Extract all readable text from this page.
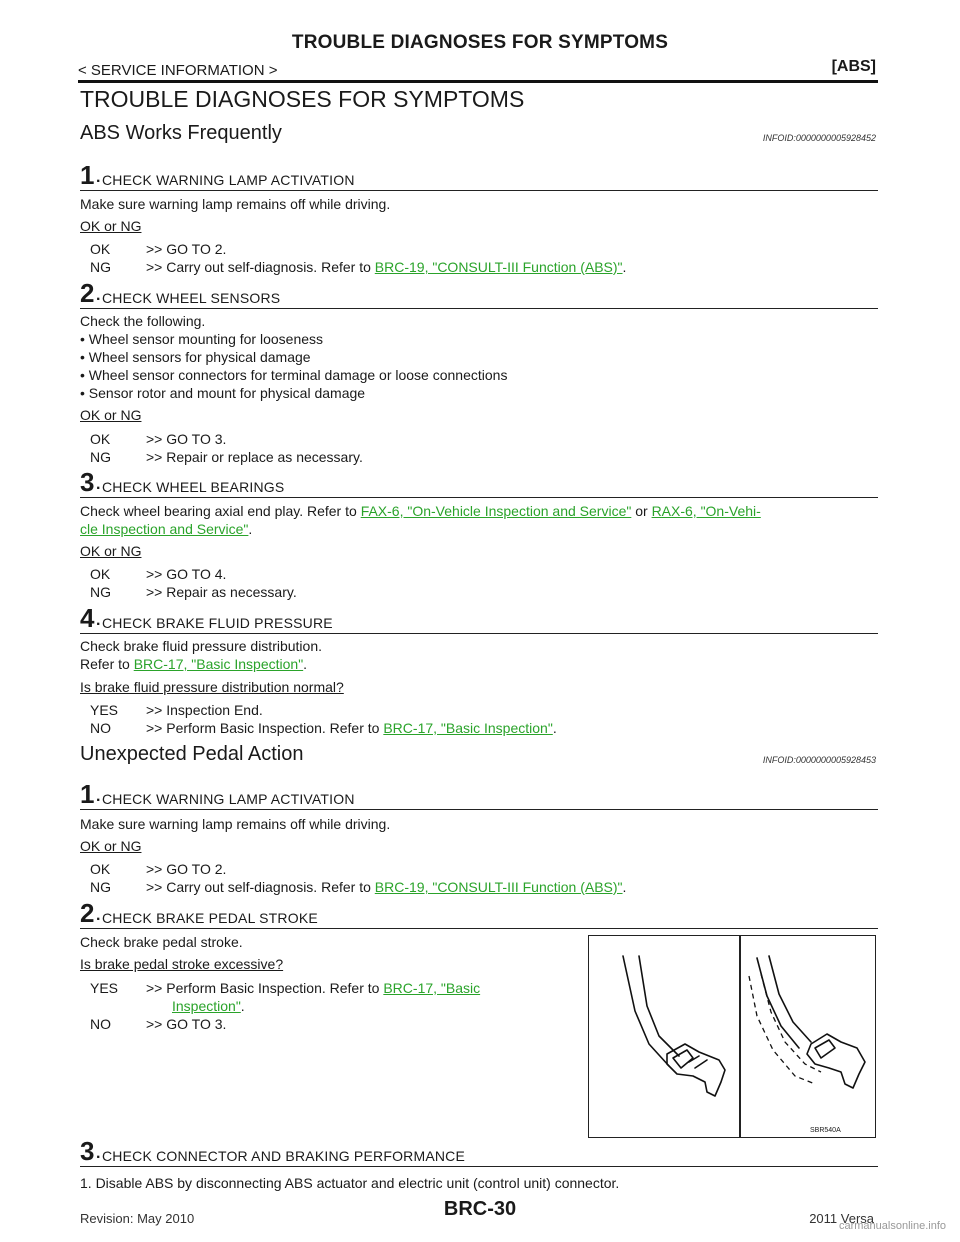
TROUBLE DIAGNOSES FOR SYMPTOMS
< SERVICE INFORMATION >	[ABS]
TROUBLE DIAGNOSES FOR SYMPTOMS
ABS Works Frequently	INFOID:0000000005928452
1 . CHECK WARNING LAMP ACTIVATION
Make sure warning lamp remains off while driving.
OK or NG
OK	>> GO TO 2.
NG	>> Carry out self-diagnosis. Refer to BRC-19, "CONSULT-III Function (ABS)".
2 . CHECK WHEEL SENSORS
Check the following.
• Wheel sensor mounting for looseness
• Wheel sensors for physical damage
• Wheel sensor connectors for terminal damage or loose connections
• Sensor rotor and mount for physical damage
OK or NG
OK	>> GO TO 3.
NG	>> Repair or replace as necessary.
3 . CHECK WHEEL BEARINGS
Check wheel bearing axial end play. Refer to FAX-6, "On-Vehicle Inspection and Service" or RAX-6, "On-Vehi-
cle Inspection and Service".
OK or NG
OK	>> GO TO 4.
NG	>> Repair as necessary.
4 . CHECK BRAKE FLUID PRESSURE
Check brake fluid pressure distribution.
Refer to BRC-17, "Basic Inspection".
Is brake fluid pressure distribution normal?
YES >> Inspection End.
NO	>> Perform Basic Inspection. Refer to BRC-17, "Basic Inspection".
Unexpected Pedal Action	INFOID:0000000005928453
1 . CHECK WARNING LAMP ACTIVATION
Make sure warning lamp remains off while driving.
OK or NG
OK	>> GO TO 2.
NG	>> Carry out self-diagnosis. Refer to BRC-19, "CONSULT-III Function (ABS)".
2 . CHECK BRAKE PEDAL STROKE
Check brake pedal stroke.
Is brake pedal stroke excessive?
YES >> Perform Basic Inspection. Refer to BRC-17, "Basic
Inspection".
NO	>> GO TO 3.
SBR540A
3 . CHECK CONNECTOR AND BRAKING PERFORMANCE
1. Disable ABS by disconnecting ABS actuator and electric unit (control unit) connector.
Revision: May 2010	BRC-30	2011 Versa
carmanualsonline.info
